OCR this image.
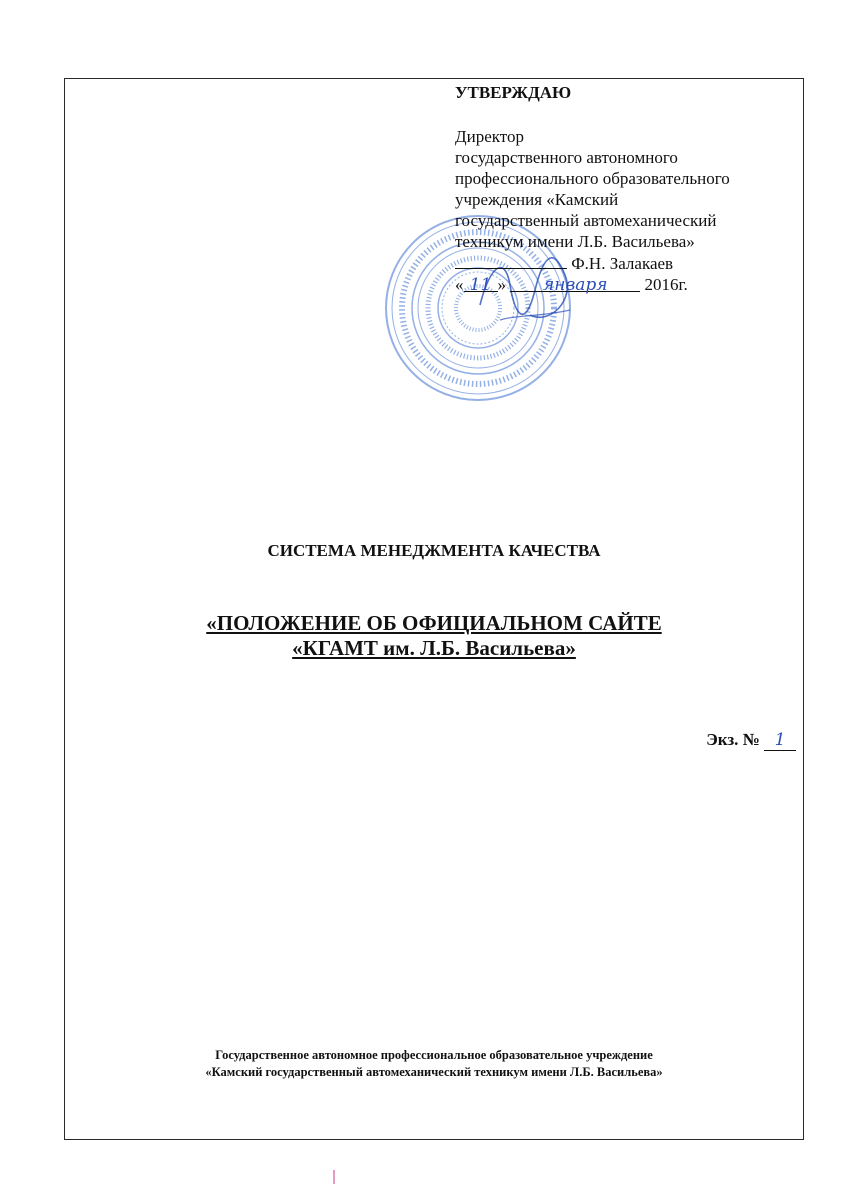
УТВЕРЖДАЮ
Директор
государственного автономного
профессионального образовательного
учреждения «Камский
государственный автомеханический
техникум имени Л.Б. Васильева»
Ф.Н. Залакаев
« 11 » января 2016г.
СИСТЕМА МЕНЕДЖМЕНТА КАЧЕСТВА
«ПОЛОЖЕНИЕ ОБ ОФИЦИАЛЬНОМ САЙТЕ
«КГАМТ им. Л.Б. Васильева»
Экз. № 1
Государственное автономное профессиональное образовательное учреждение
«Камский государственный автомеханический техникум имени Л.Б. Васильева»
